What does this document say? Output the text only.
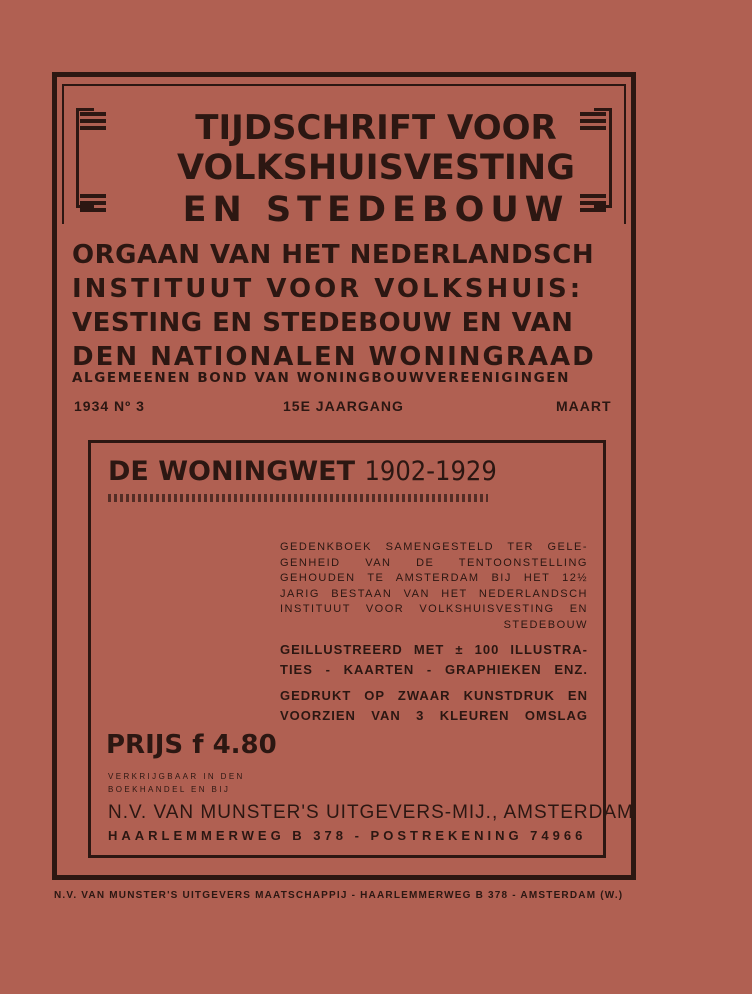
TIJDSCHRIFT VOOR
VOLKSHUISVESTING
EN STEDEBOUW
ORGAAN VAN HET NEDERLANDSCH
INSTITUUT VOOR VOLKSHUIS:
VESTING EN STEDEBOUW EN VAN
DEN NATIONALEN WONINGRAAD
ALGEMEENEN BOND VAN WONINGBOUWVEREENIGINGEN
1934 Nº 3	15E JAARGANG	MAART
DE WONINGWET 1902-1929
GEDENKBOEK SAMENGESTELD TER GELE-GENHEID VAN DE TENTOONSTELLING GEHOUDEN TE AMSTERDAM BIJ HET 12½ JARIG BESTAAN VAN HET NEDERLANDSCH INSTITUUT VOOR VOLKSHUISVESTING EN STEDEBOUW
GEILLUSTREERD MET ± 100 ILLUSTRA-TIES - KAARTEN - GRAPHIEKEN ENZ.
GEDRUKT OP ZWAAR KUNSTDRUK EN VOORZIEN VAN 3 KLEUREN OMSLAG
PRIJS f 4.80
VERKRIJGBAAR IN DEN BOEKHANDEL EN BIJ
N.V. VAN MUNSTER'S UITGEVERS-MIJ., AMSTERDAM
HAARLEMMERWEG B 378 - POSTREKENING 74966
N.V. VAN MUNSTER'S UITGEVERS MAATSCHAPPIJ - HAARLEMMERWEG B 378 - AMSTERDAM (W.)
